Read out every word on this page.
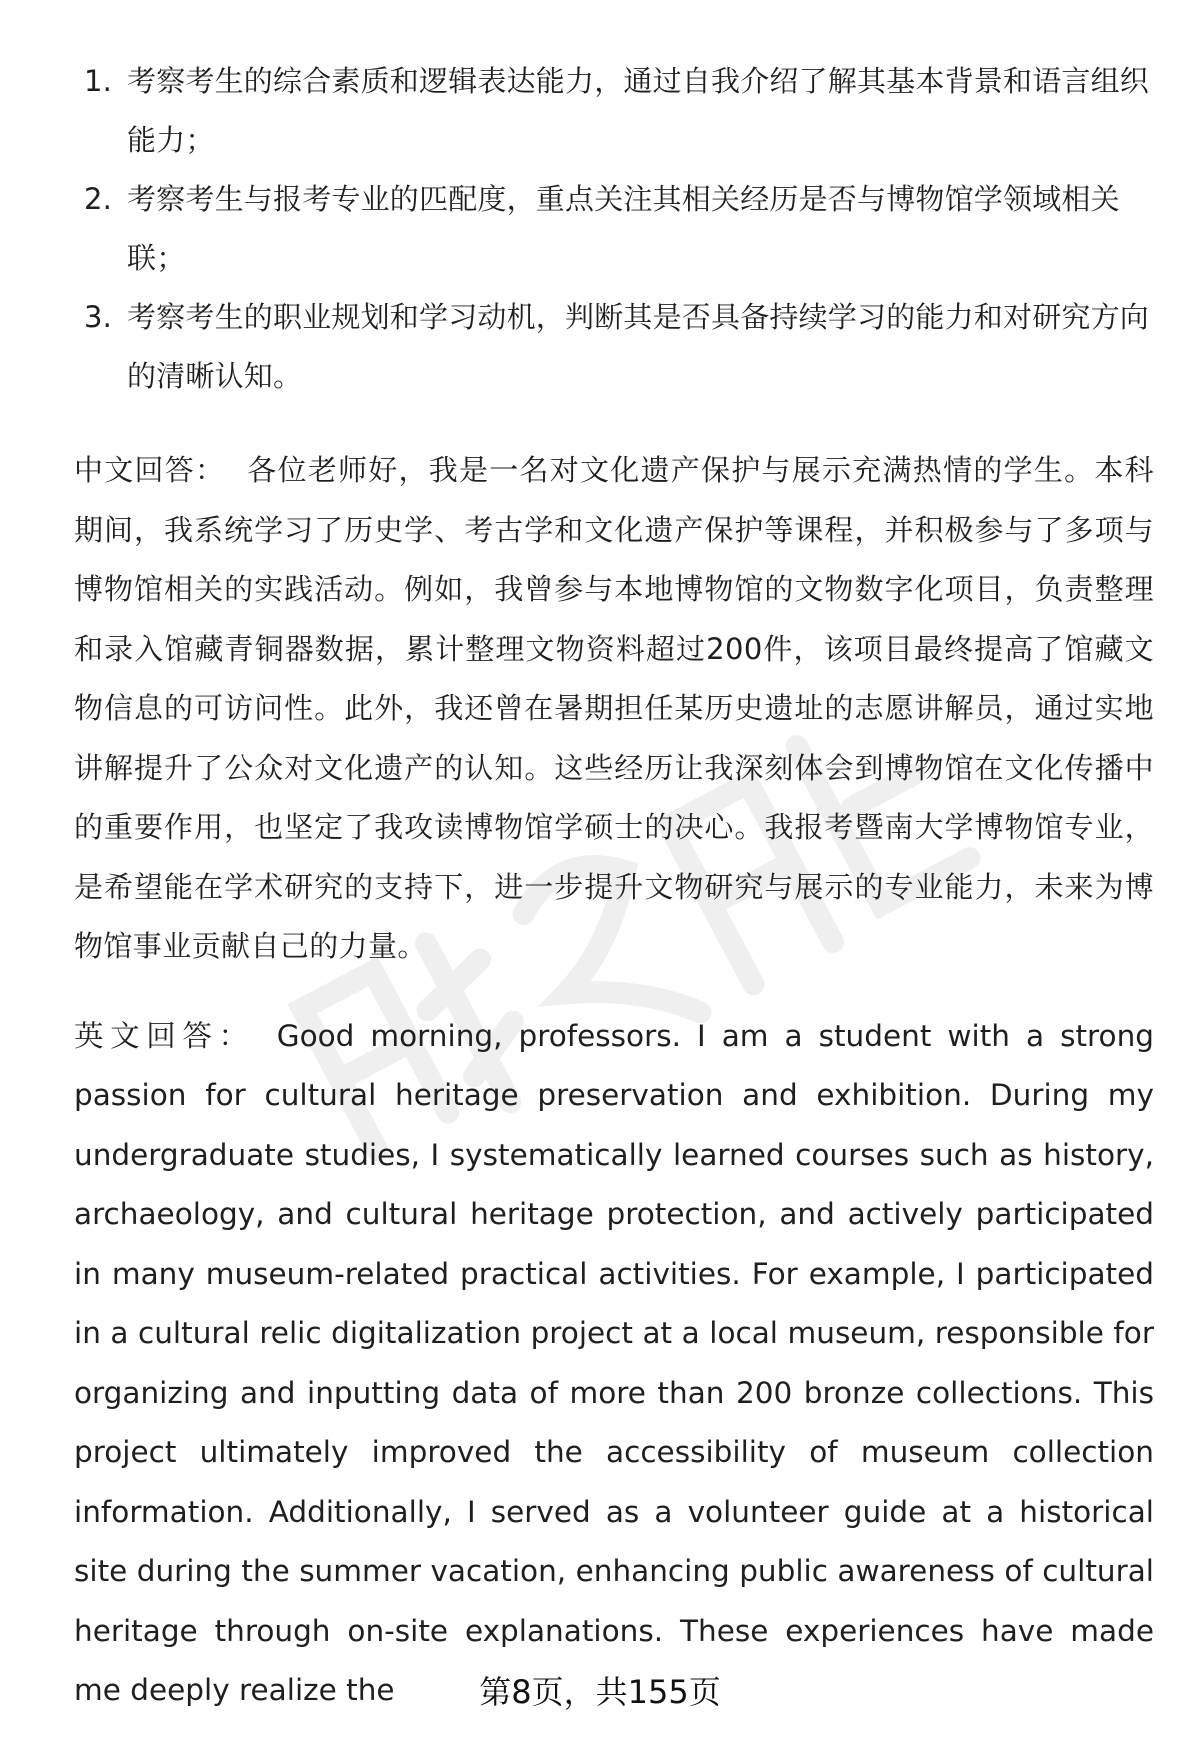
1. 考察考生的综合素质和逻辑表达能力，通过自我介绍了解其基本背景和语言组织能力；
2. 考察考生与报考专业的匹配度，重点关注其相关经历是否与博物馆学领域相关联；
3. 考察考生的职业规划和学习动机，判断其是否具备持续学习的能力和对研究方向的清晰认知。

中文回答： 各位老师好，我是一名对文化遗产保护与展示充满热情的学生。本科期间，我系统学习了历史学、考古学和文化遗产保护等课程，并积极参与了多项与博物馆相关的实践活动。例如，我曾参与本地博物馆的文物数字化项目，负责整理和录入馆藏青铜器数据，累计整理文物资料超过200件，该项目最终提高了馆藏文物信息的可访问性。此外，我还曾在暑期担任某历史遗址的志愿讲解员，通过实地讲解提升了公众对文化遗产的认知。这些经历让我深刻体会到博物馆在文化传播中的重要作用，也坚定了我攻读博物馆学硕士的决心。我报考暨南大学博物馆专业，是希望能在学术研究的支持下，进一步提升文物研究与展示的专业能力，未来为博物馆事业贡献自己的力量。

英文回答： Good morning, professors. I am a student with a strong passion for cultural heritage preservation and exhibition. During my undergraduate studies, I systematically learned courses such as history, archaeology, and cultural heritage protection, and actively participated in many museum-related practical activities. For example, I participated in a cultural relic digitalization project at a local museum, responsible for organizing and inputting data of more than 200 bronze collections. This project ultimately improved the accessibility of museum collection information. Additionally, I served as a volunteer guide at a historical site during the summer vacation, enhancing public awareness of cultural heritage through on-site explanations. These experiences have made me deeply realize the	第8页，共155页
